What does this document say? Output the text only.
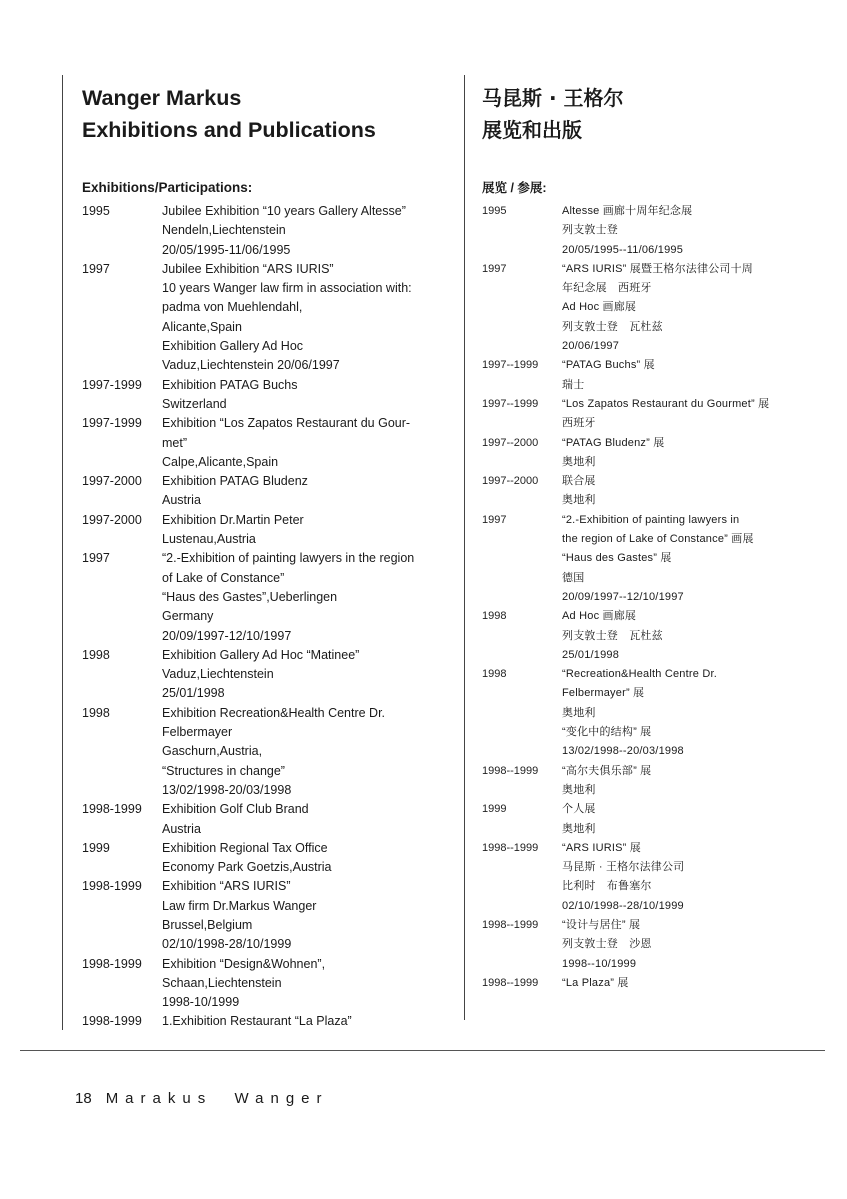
Wanger Markus
Exhibitions and Publications
Exhibitions/Participations:
1995	Jubilee Exhibition “10 years Gallery Altesse”
Nendeln,Liechtenstein
20/05/1995-11/06/1995
1997	Jubilee Exhibition “ARS IURIS”
10 years Wanger law firm in association with:
padma von Muehlendahl,
Alicante,Spain
Exhibition Gallery Ad Hoc
Vaduz,Liechtenstein 20/06/1997
1997-1999	Exhibition PATAG Buchs
Switzerland
1997-1999	Exhibition “Los Zapatos Restaurant du Gour-
met”
Calpe,Alicante,Spain
1997-2000	Exhibition PATAG Bludenz
Austria
1997-2000	Exhibition Dr.Martin Peter
Lustenau,Austria
1997	“2.-Exhibition of painting lawyers in the region
of Lake of Constance”
“Haus des Gastes”,Ueberlingen
Germany
20/09/1997-12/10/1997
1998	Exhibition Gallery Ad Hoc “Matinee”
Vaduz,Liechtenstein
25/01/1998
1998	Exhibition Recreation&Health Centre Dr.
Felbermayer
Gaschurn,Austria,
“Structures in change”
13/02/1998-20/03/1998
1998-1999	Exhibition Golf Club Brand
Austria
1999	Exhibition Regional Tax Office
Economy Park Goetzis,Austria
1998-1999	Exhibition “ARS IURIS”
Law firm Dr.Markus Wanger
Brussel,Belgium
02/10/1998-28/10/1999
1998-1999	Exhibition “Design&Wohnen”,
Schaan,Liechtenstein
1998-10/1999
1998-1999	1.Exhibition Restaurant “La Plaza”
马昆斯 · 王格尔
展览和出版
展览 / 参展:
1995	Altesse 画廊十周年纪念展
列支敦士登
20/05/1995--11/06/1995
1997	“ARS IURIS” 展暨王格尔法律公司十周
年纪念展　西班牙
Ad Hoc 画廊展
列支敦士登　瓦杜兹
20/06/1997
1997--1999	“PATAG Buchs” 展
瑞士
1997--1999	“Los Zapatos Restaurant du Gourmet” 展
西班牙
1997--2000	“PATAG Bludenz” 展
奥地利
1997--2000	联合展
奥地利
1997	“2.-Exhibition of painting lawyers in
the region of Lake of Constance” 画展
“Haus des Gastes” 展
德国
20/09/1997--12/10/1997
1998	Ad Hoc 画廊展
列支敦士登　瓦杜兹
25/01/1998
1998	“Recreation&Health Centre Dr.
Felbermayer” 展
奥地利
“变化中的结构” 展
13/02/1998--20/03/1998
1998--1999	“高尔夫俱乐部” 展
奥地利
1999	个人展
奥地利
1998--1999	“ARS IURIS” 展
马昆斯 · 王格尔法律公司
比利时　布鲁塞尔
02/10/1998--28/10/1999
1998--1999	“设计与居住” 展
列支敦士登　沙恩
1998--10/1999
1998--1999	“La Plaza” 展
18 Marakus  Wanger
